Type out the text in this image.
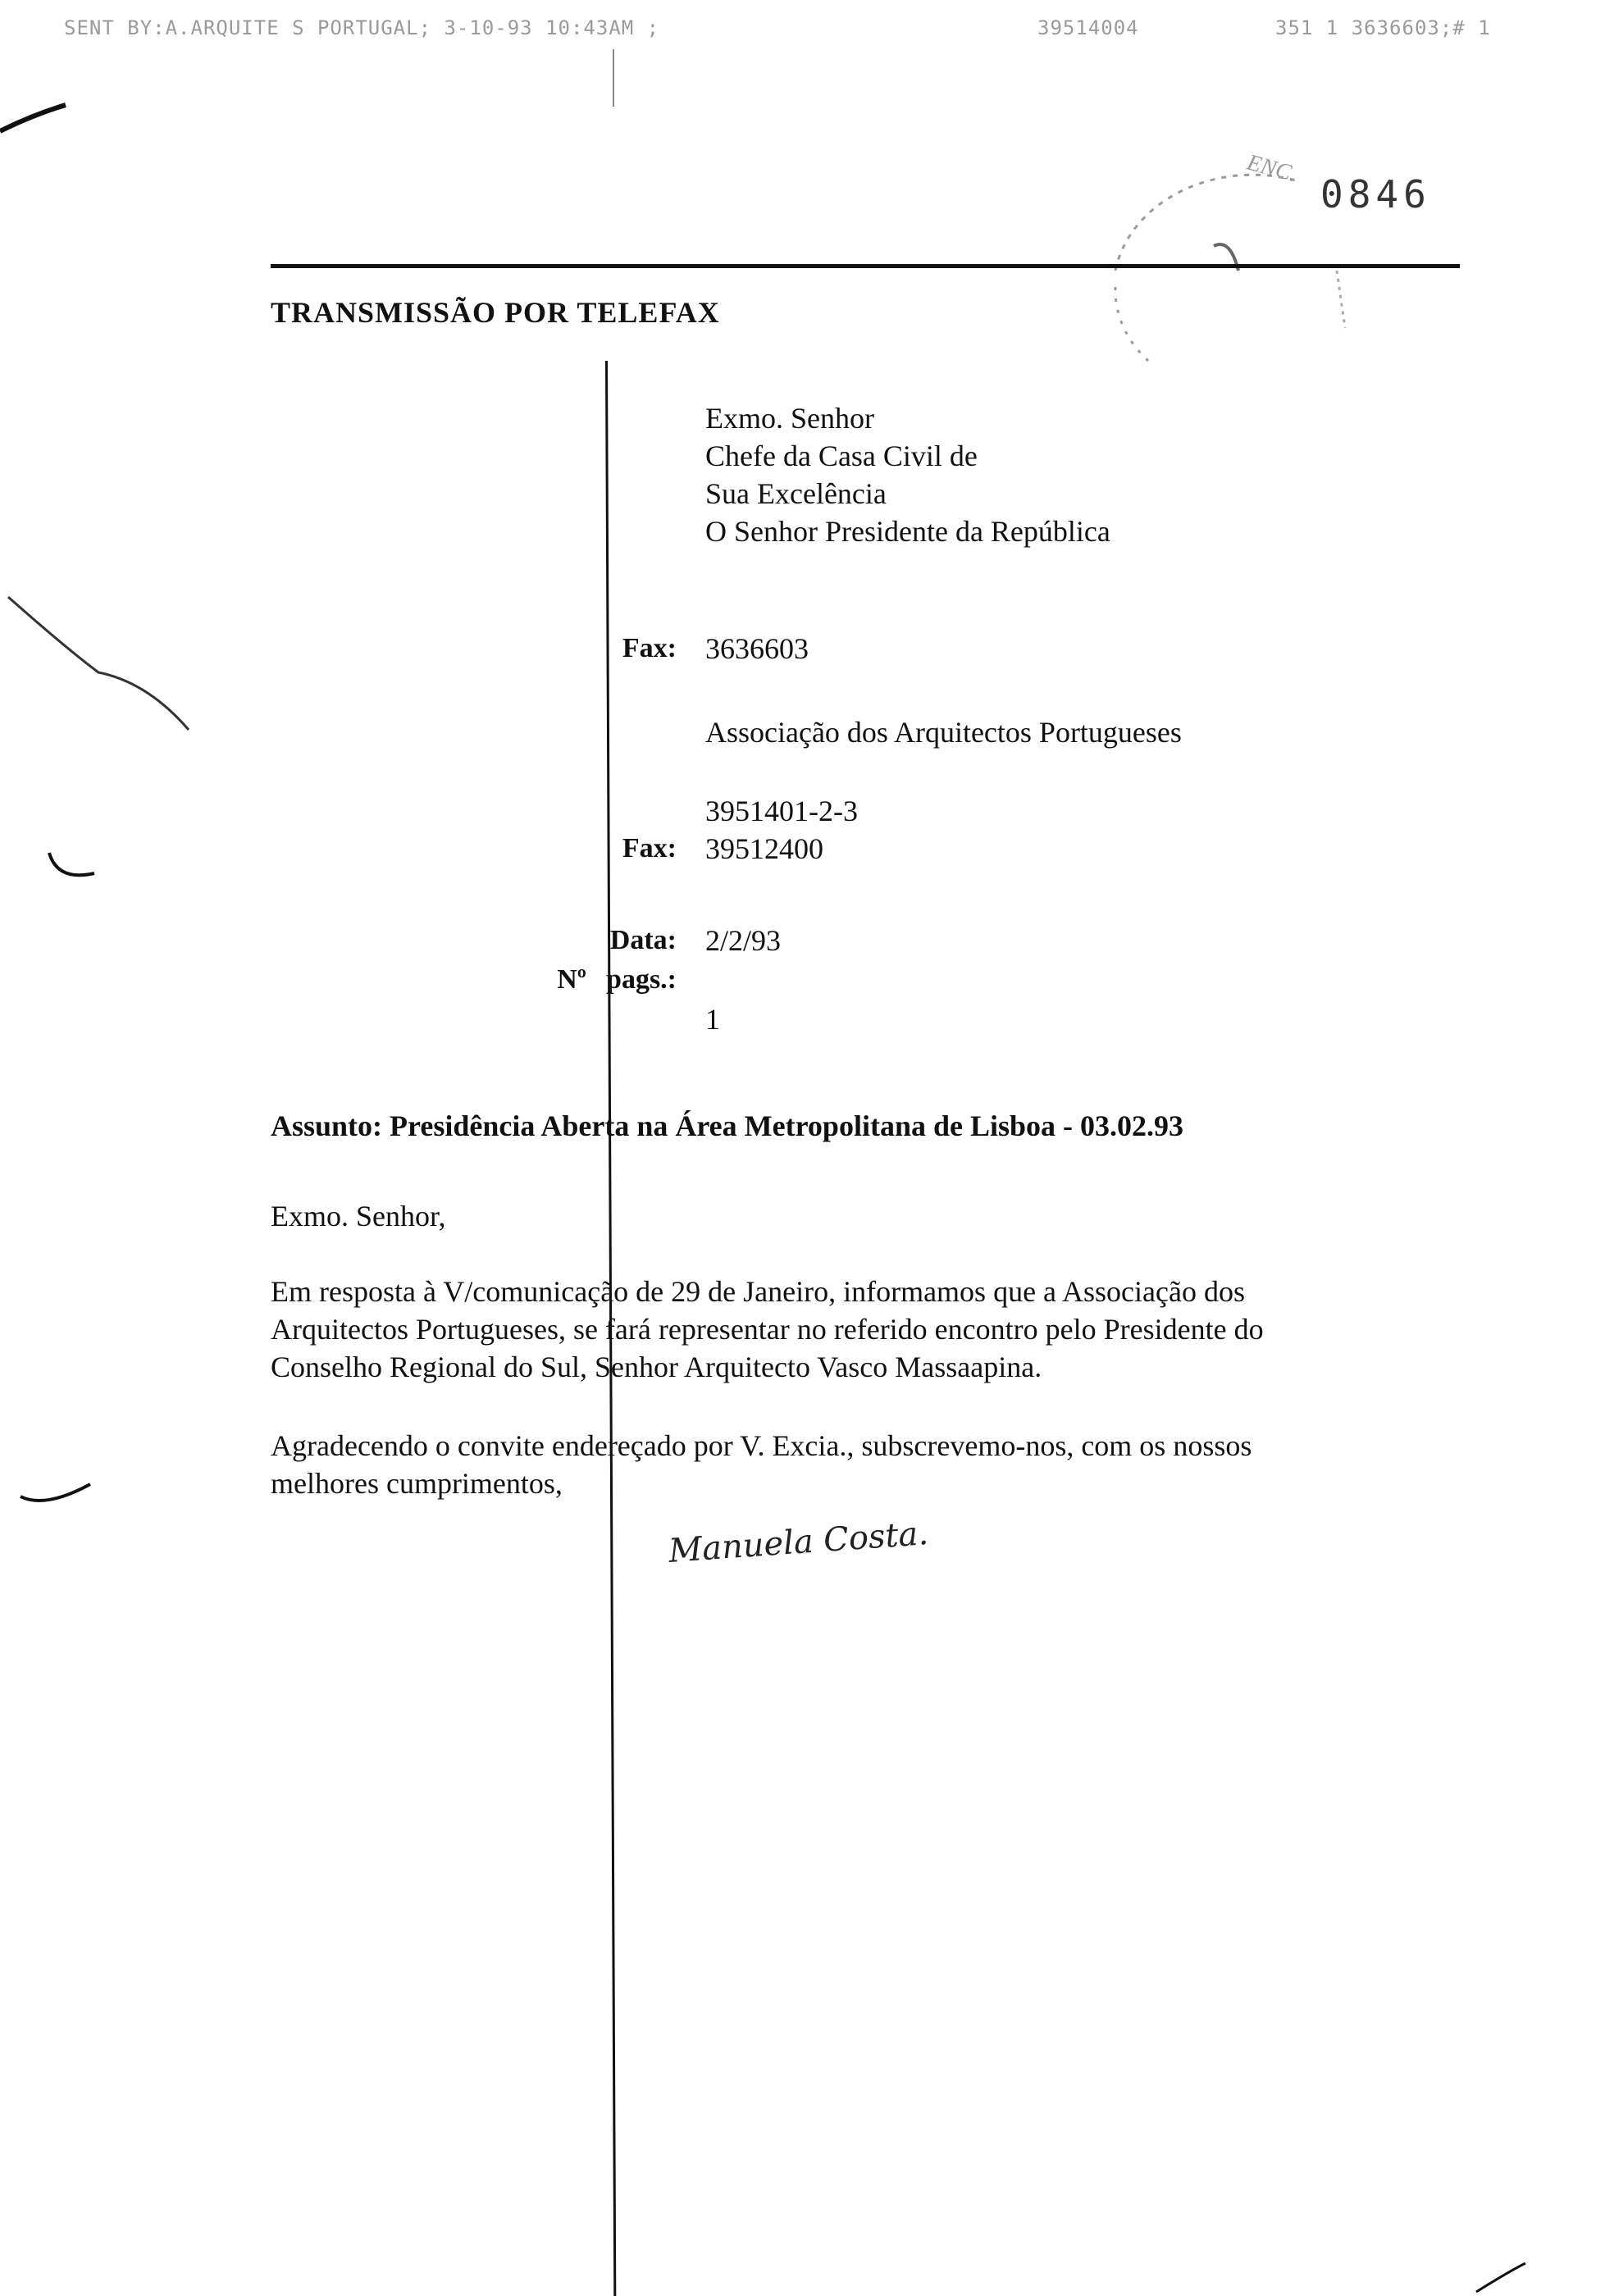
SENT BY:A.ARQUITE S PORTUGAL; 3-10-93 10:43AM ;	39514004	351 1 3636603;# 1
ENC.
0846
TRANSMISSÃO POR TELEFAX
Exmo. Senhor
Chefe da Casa Civil de
Sua Excelência
O Senhor Presidente da República
Fax: 3636603
Associação dos Arquitectos Portugueses
3951401-2-3
Fax: 39512400
Data: 2/2/93
Nº pags.:
1
Assunto: Presidência Aberta na Área Metropolitana de Lisboa - 03.02.93
Exmo. Senhor,
Em resposta à V/comunicação de 29 de Janeiro, informamos que a Associação dos
Arquitectos Portugueses, se fará representar no referido encontro pelo Presidente do
Conselho Regional do Sul, Senhor Arquitecto Vasco Massaapina.
Agradecendo o convite endereçado por V. Excia., subscrevemo-nos, com os nossos
melhores cumprimentos,
Manuela Costa.
